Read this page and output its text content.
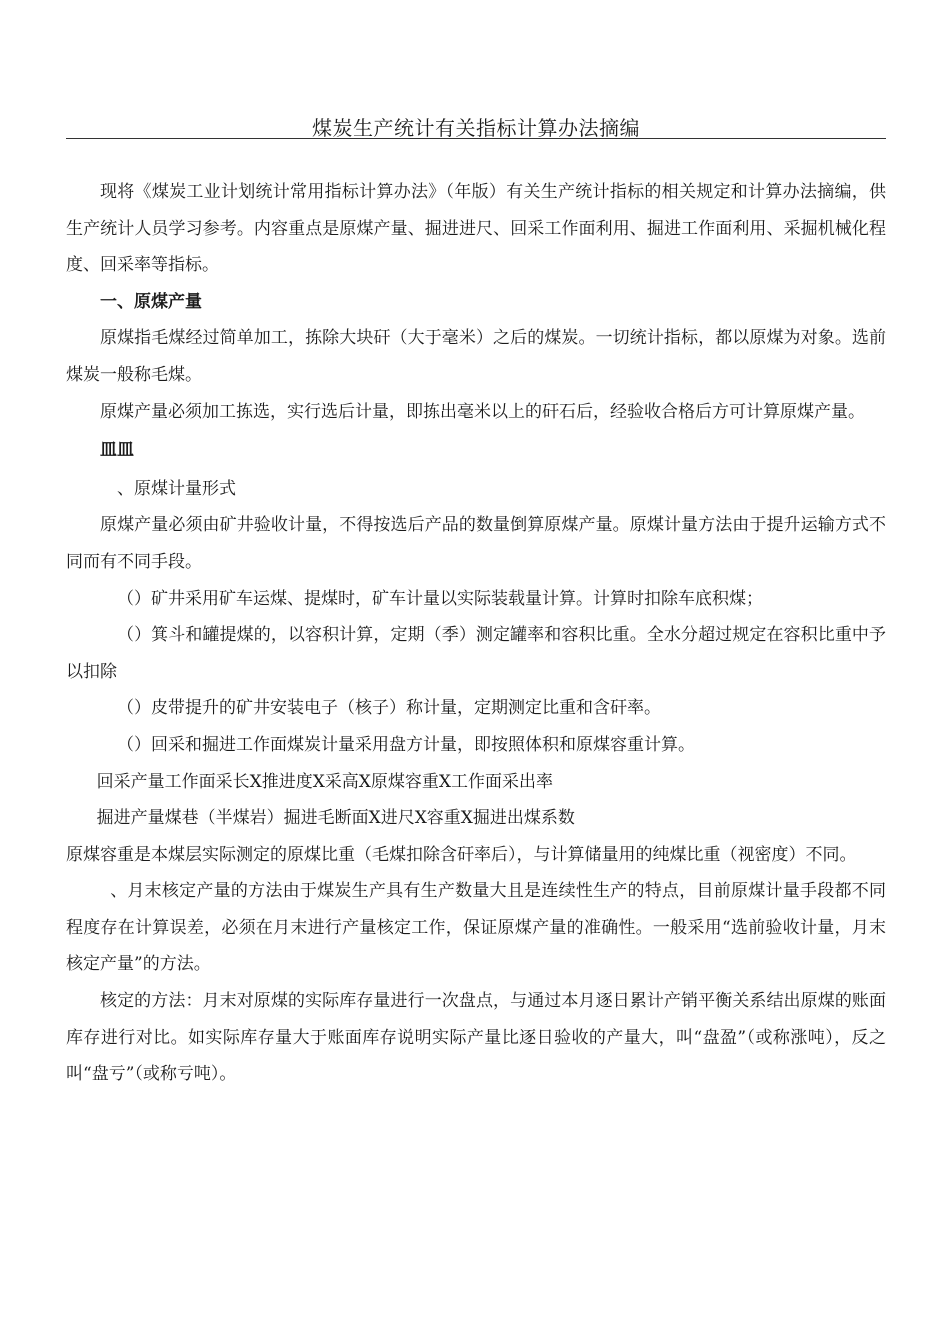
煤炭生产统计有关指标计算办法摘编

现将《煤炭工业计划统计常用指标计算办法》（年版）有关生产统计指标的相关规定和计算办法摘编，供生产统计人员学习参考。内容重点是原煤产量、掘进进尺、回采工作面利用、掘进工作面利用、采掘机械化程度、回采率等指标。

一、原煤产量

原煤指毛煤经过简单加工，拣除大块矸（大于毫米）之后的煤炭。一切统计指标，都以原煤为对象。选前煤炭一般称毛煤。

原煤产量必须加工拣选，实行选后计量，即拣出毫米以上的矸石后，经验收合格后方可计算原煤产量。

皿皿

、原煤计量形式

原煤产量必须由矿井验收计量，不得按选后产品的数量倒算原煤产量。原煤计量方法由于提升运输方式不同而有不同手段。

（）矿井采用矿车运煤、提煤时，矿车计量以实际装载量计算。计算时扣除车底积煤；

（）箕斗和罐提煤的，以容积计算，定期（季）测定罐率和容积比重。全水分超过规定在容积比重中予以扣除

（）皮带提升的矿井安装电子（核子）称计量，定期测定比重和含矸率。

（）回采和掘进工作面煤炭计量采用盘方计量，即按照体积和原煤容重计算。

回采产量工作面采长X推进度X采高X原煤容重X工作面采出率

掘进产量煤巷（半煤岩）掘进毛断面X进尺X容重X掘进出煤系数

原煤容重是本煤层实际测定的原煤比重（毛煤扣除含矸率后），与计算储量用的纯煤比重（视密度）不同。

、月末核定产量的方法由于煤炭生产具有生产数量大且是连续性生产的特点，目前原煤计量手段都不同程度存在计算误差，必须在月末进行产量核定工作，保证原煤产量的准确性。一般采用“选前验收计量，月末核定产量”的方法。

核定的方法：月末对原煤的实际库存量进行一次盘点，与通过本月逐日累计产销平衡关系结出原煤的账面库存进行对比。如实际库存量大于账面库存说明实际产量比逐日验收的产量大，叫“盘盈”（或称涨吨），反之叫“盘亏”（或称亏吨）。
